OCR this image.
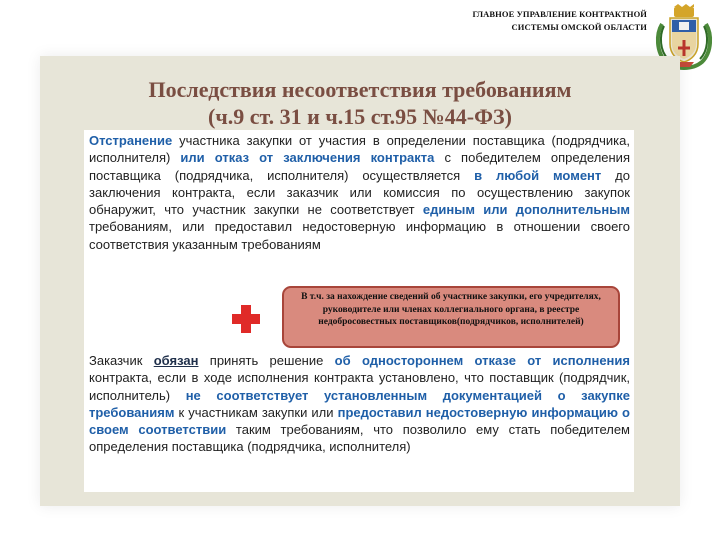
ГЛАВНОЕ УПРАВЛЕНИЕ КОНТРАКТНОЙ
СИСТЕМЫ ОМСКОЙ ОБЛАСТИ
Последствия несоответствия требованиям
(ч.9 ст. 31 и ч.15 ст.95 №44-ФЗ)
Отстранение участника закупки от участия в определении поставщика (подрядчика, исполнителя) или отказ от заключения контракта с победителем определения поставщика (подрядчика, исполнителя) осуществляется в любой момент до заключения контракта, если заказчик или комиссия по осуществлению закупок обнаружит, что участник закупки не соответствует единым или дополнительным требованиям, или предоставил недостоверную информацию в отношении своего соответствия указанным требованиям
Заказчик обязан принять решение об одностороннем отказе от исполнения контракта, если в ходе исполнения контракта установлено, что поставщик (подрядчик, исполнитель) не соответствует установленным документацией о закупке требованиям к участникам закупки или предоставил недостоверную информацию о своем соответствии таким требованиям, что позволило ему стать победителем определения поставщика (подрядчика, исполнителя)
В т.ч. за нахождение сведений об участнике закупки, его учредителях, руководителе или членах коллегиального органа, в реестре недобросовестных поставщиков(подрядчиков, исполнителей)
